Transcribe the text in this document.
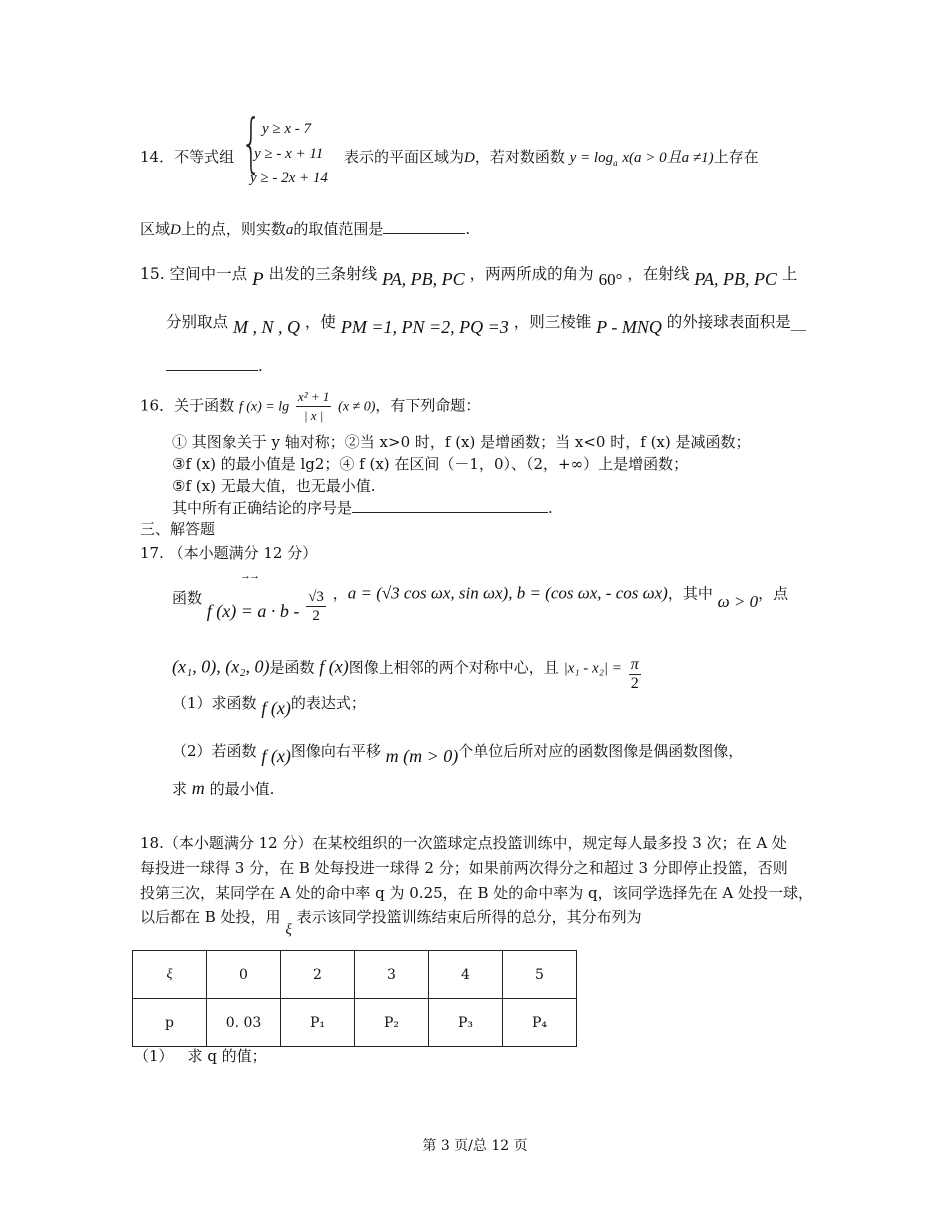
{ y ≥ x - 7
y ≥ - x + 11
y ≥ - 2x + 14
14．不等式组	表示的平面区域为D，若对数函数 $y = \log_a x(a > 0$且a ≠1)上存在
区域D上的点，则实数a的取值范围是	.
15. 空间中一点 P 出发的三条射线 PA, PB, PC ，两两所成的角为 60° ，在射线 PA, PB, PC 上
分别取点 M , N , Q ，使 PM =1, PN =2, PQ =3 ，则三棱锥 P - MNQ 的外接球表面积是__
.
16．关于函数 f $(x) = \lg \frac{\text{x² + 1}}{| x |} (x \ne 0)$，有下列命题：
① 其图象关于 y 轴对称；②当 x>0 时，f (x) 是增函数；当 x<0 时，f (x) 是减函数；
③f (x) 的最小值是 lg2；④ f (x) 在区间（－1，0）、（2，+∞）上是增函数；
⑤f (x) 无最大值，也无最小值.
其中所有正确结论的序号是	.
三、解答题
17. （本小题满分 12 分）
函数 f $(x) = a \cdot b - \frac{√3}{2}$ ，a = (√3 cos ωx, sin ωx), b = (cos ωx, - cos ωx)，其中 ω > 0，点
→→
(x₁, 0), (x₂, 0)是函数 f (x)图像上相邻的两个对称中心，且 $|x_1 - x_2| = \frac{\pi}{2}$
（1）求函数 f (x)的表达式；
（2）若函数 f (x)图像向右平移 m (m > 0)个单位后所对应的函数图像是偶函数图像，
求 m 的最小值.
18.（本小题满分 12 分）在某校组织的一次篮球定点投篮训练中，规定每人最多投 3 次；在 A 处
每投进一球得 3 分，在 B 处每投进一球得 2 分；如果前两次得分之和超过 3 分即停止投篮，否则
投第三次，某同学在 A 处的命中率 q 为 0.25，在 B 处的命中率为 q，该同学选择先在 A 处投一球，
以后都在 B 处投，用 ξ 表示该同学投篮训练结束后所得的总分，其分布列为
ξ	0	2	3	4	5
p	0. 03	P₁	P₂	P₃	P₄
（1） 求 q 的值；
第 3 页/总 12 页
